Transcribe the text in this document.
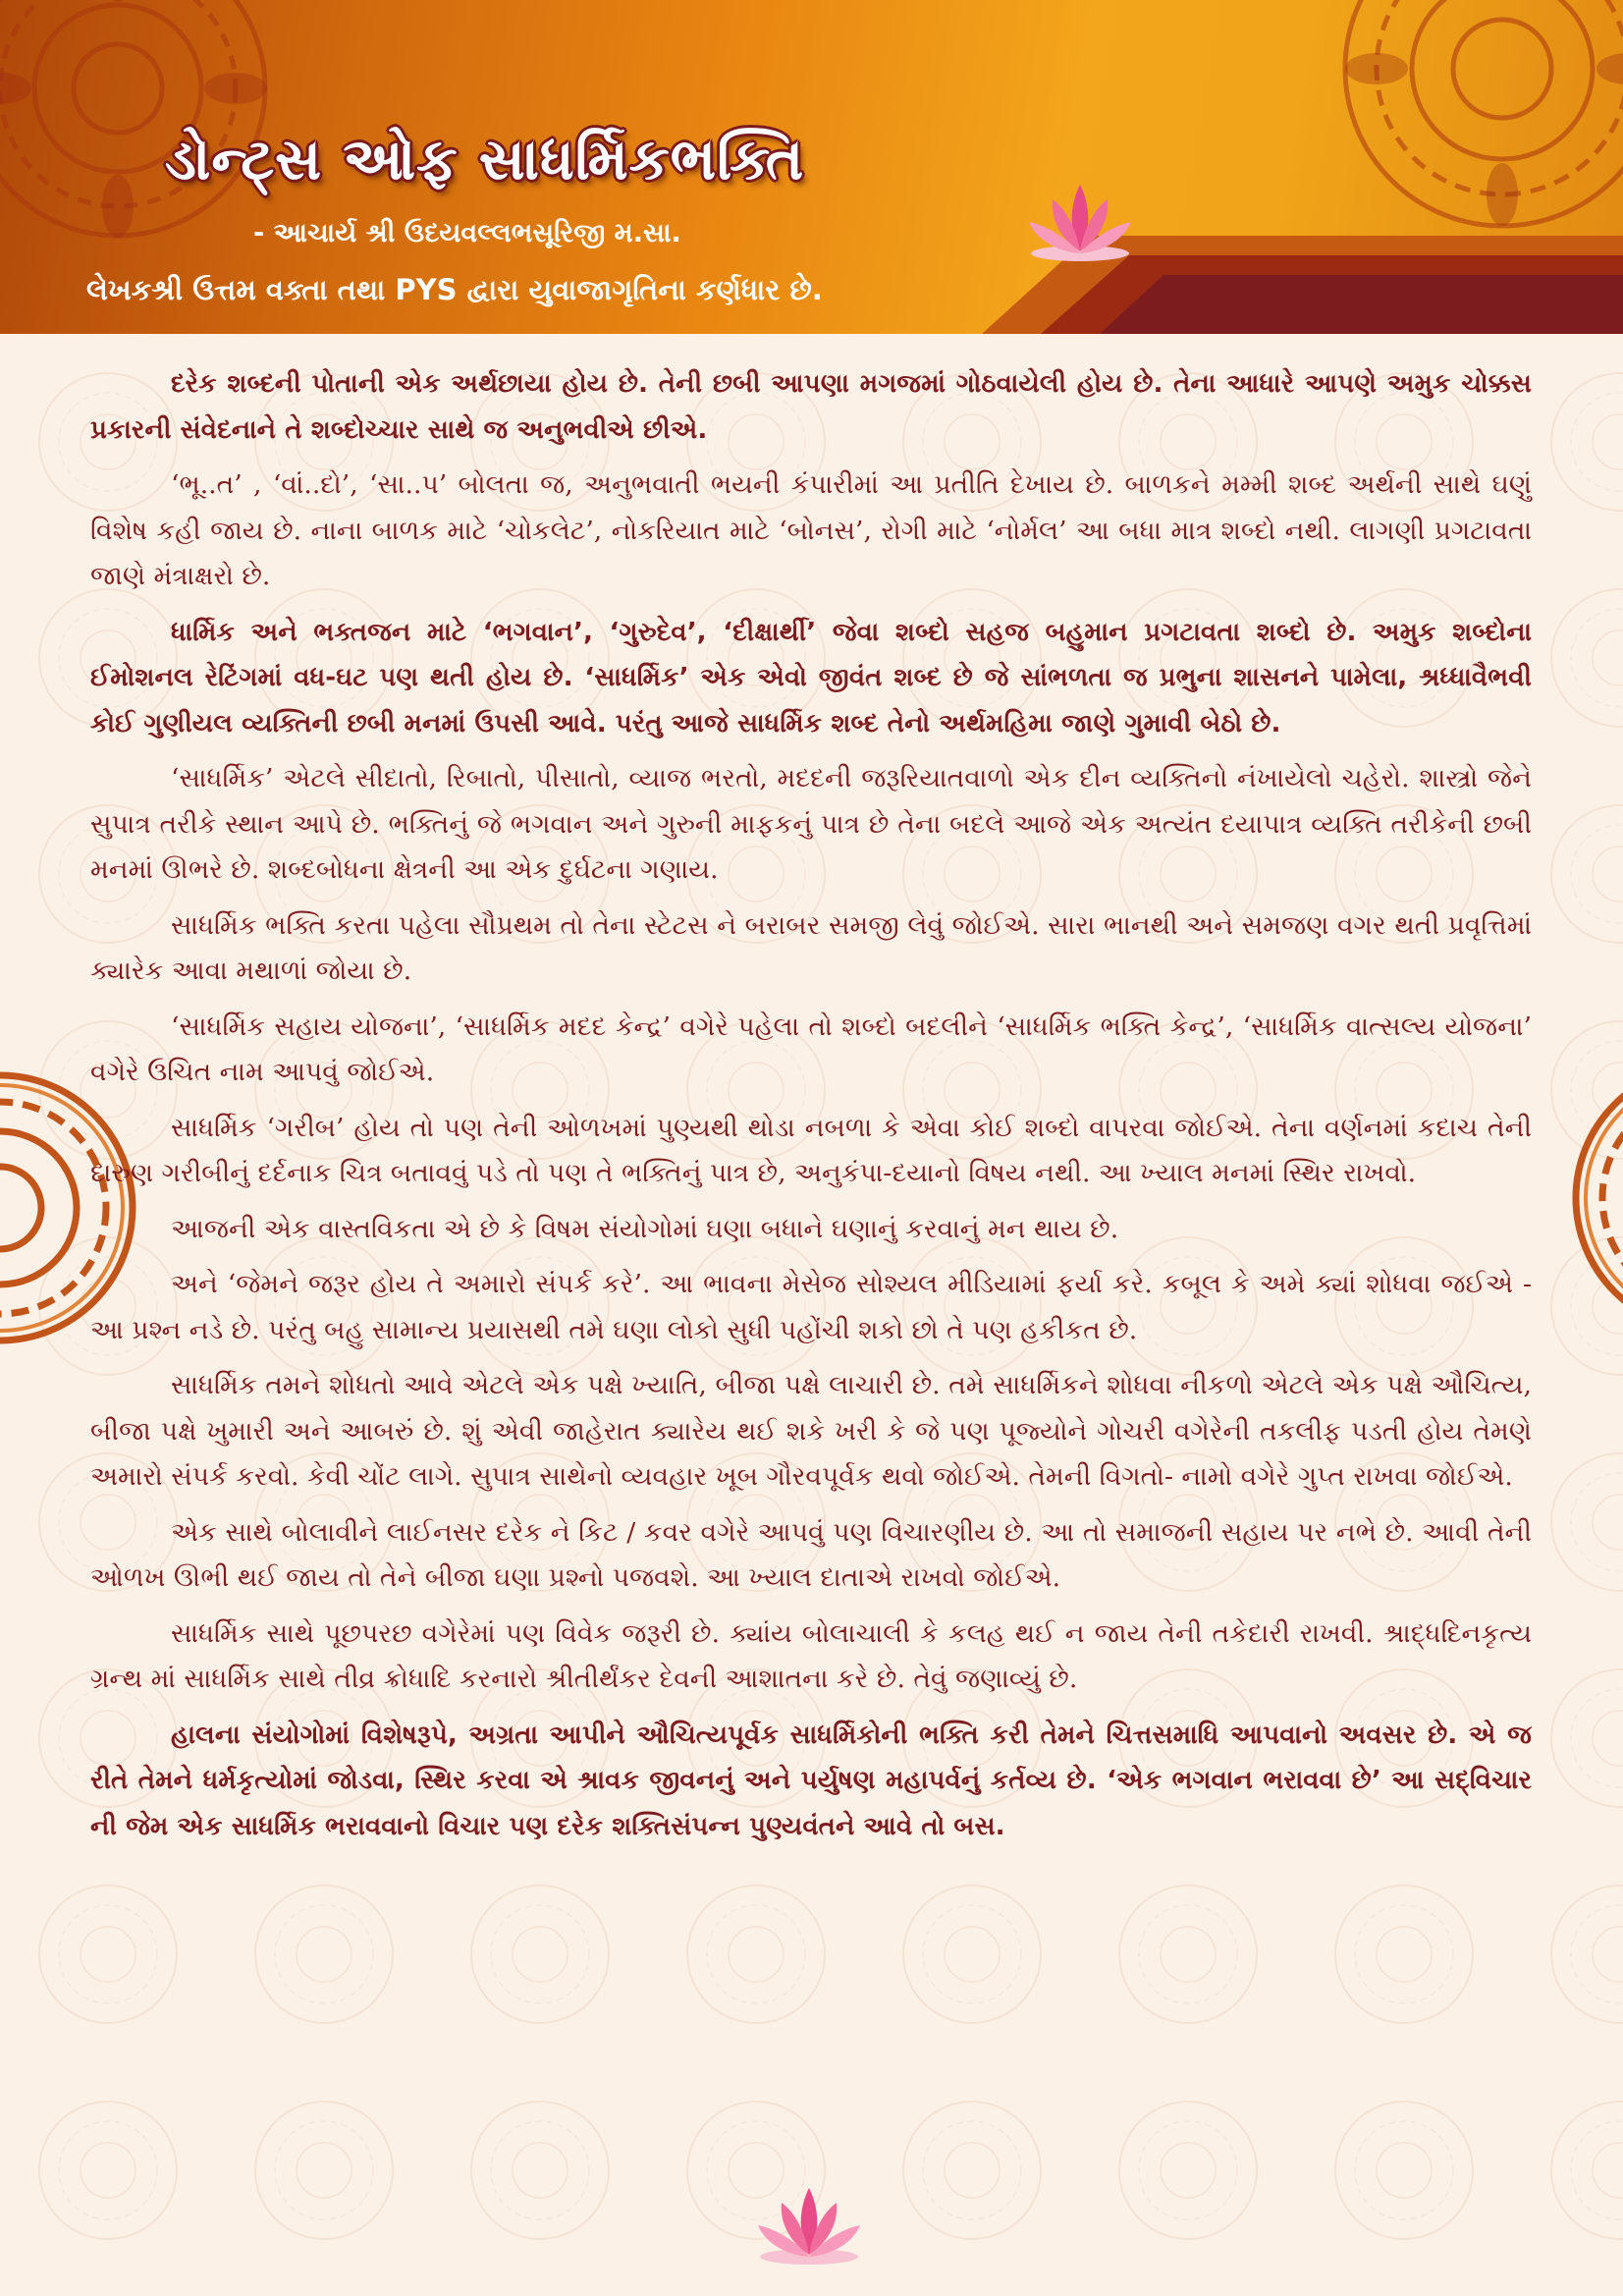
ડોન્ટ્સ ઓફ સાધર્મિકભક્તિ
- આચાર્ય શ્રી ઉદયવલ્લભસૂરિજી મ.સા.
લેખકશ્રી ઉત્તમ વક્તા તથા PYS દ્વારા યુવાજાગૃતિના કર્ણધાર છે.

દરેક શબ્દની પોતાની એક અર્થછાયા હોય છે. તેની છબી આપણા મગજમાં ગોઠવાયેલી હોય છે. તેના આધારે આપણે અમુક ચોક્કસ પ્રકારની સંવેદનાને તે શબ્દોચ્ચાર સાથે જ અનુભવીએ છીએ.

‘ભૂ..ત’ , ‘વાં..દો’, ‘સા..પ’ બોલતા જ, અનુભવાતી ભયની કંપારીમાં આ પ્રતીતિ દેખાય છે. બાળકને મમ્મી શબ્દ અર્થની સાથે ઘણું વિશેષ કહી જાય છે. નાના બાળક માટે ‘ચોકલેટ’, નોકરિયાત માટે ‘બોનસ’, રોગી માટે ‘નોર્મલ’ આ બધા માત્ર શબ્દો નથી. લાગણી પ્રગટાવતા જાણે મંત્રાક્ષરો છે.

ધાર્મિક અને ભક્તજન માટે ‘ભગવાન’, ‘ગુરુદેવ’, ‘દીક્ષાર્થી’ જેવા શબ્દો સહજ બહુમાન પ્રગટાવતા શબ્દો છે. અમુક શબ્દોના ઈમોશનલ રેટિંગમાં વધ-ઘટ પણ થતી હોય છે. ‘સાધર્મિક’ એક એવો જીવંત શબ્દ છે જે સાંભળતા જ પ્રભુના શાસનને પામેલા, શ્રધ્ધાવૈભવી કોઈ ગુણીયલ વ્યક્તિની છબી મનમાં ઉપસી આવે. પરંતુ આજે સાધર્મિક શબ્દ તેનો અર્થમહિમા જાણે ગુમાવી બેઠો છે.

‘સાધર્મિક’ એટલે સીદાતો, રિબાતો, પીસાતો, વ્યાજ ભરતો, મદદની જરૂરિયાતવાળો એક દીન વ્યક્તિનો નંખાયેલો ચહેરો. શાસ્ત્રો જેને સુપાત્ર તરીકે સ્થાન આપે છે. ભક્તિનું જે ભગવાન અને ગુરુની માફકનું પાત્ર છે તેના બદલે આજે એક અત્યંત દયાપાત્ર વ્યક્તિ તરીકેની છબી મનમાં ઊભરે છે. શબ્દબોધના ક્ષેત્રની આ એક દુર્ઘટના ગણાય.

સાધર્મિક ભક્તિ કરતા પહેલા સૌપ્રથમ તો તેના સ્ટેટસ ને બરાબર સમજી લેવું જોઈએ. સારા ભાનથી અને સમજણ વગર થતી પ્રવૃત્તિમાં ક્યારેક આવા મથાળાં જોયા છે.

‘સાધર્મિક સહાય યોજના’, ‘સાધર્મિક મદદ કેન્દ્ર’ વગેરે પહેલા તો શબ્દો બદલીને ‘સાધર્મિક ભક્તિ કેન્દ્ર’, ‘સાધર્મિક વાત્સલ્ય યોજના’ વગેરે ઉચિત નામ આપવું જોઈએ.

સાધર્મિક ‘ગરીબ’ હોય તો પણ તેની ઓળખમાં પુણ્યથી થોડા નબળા કે એવા કોઈ શબ્દો વાપરવા જોઈએ. તેના વર્ણનમાં કદાચ તેની દારુણ ગરીબીનું દર્દનાક ચિત્ર બતાવવું પડે તો પણ તે ભક્તિનું પાત્ર છે, અનુકંપા-દયાનો વિષય નથી. આ ખ્યાલ મનમાં સ્થિર રાખવો.

આજની એક વાસ્તવિકતા એ છે કે વિષમ સંયોગોમાં ઘણા બધાને ઘણાનું કરવાનું મન થાય છે.

અને ‘જેમને જરૂર હોય તે અમારો સંપર્ક કરે’. આ ભાવના મેસેજ સોશ્યલ મીડિયામાં ફર્યા કરે. કબૂલ કે અમે ક્યાં શોધવા જઈએ - આ પ્રશ્ન નડે છે. પરંતુ બહુ સામાન્ય પ્રયાસથી તમે ઘણા લોકો સુધી પહોંચી શકો છો તે પણ હકીકત છે.

સાધર્મિક તમને શોધતો આવે એટલે એક પક્ષે ખ્યાતિ, બીજા પક્ષે લાચારી છે. તમે સાધર્મિકને શોધવા નીકળો એટલે એક પક્ષે ઔચિત્ય, બીજા પક્ષે ખુમારી અને આબરું છે. શું એવી જાહેરાત ક્યારેય થઈ શકે ખરી કે જે પણ પૂજ્યોને ગોચરી વગેરેની તકલીફ પડતી હોય તેમણે અમારો સંપર્ક કરવો. કેવી ચોંટ લાગે. સુપાત્ર સાથેનો વ્યવહાર ખૂબ ગૌરવપૂર્વક થવો જોઈએ. તેમની વિગતો- નામો વગેરે ગુપ્ત રાખવા જોઈએ.

એક સાથે બોલાવીને લાઈનસર દરેક ને કિટ / કવર વગેરે આપવું પણ વિચારણીય છે. આ તો સમાજની સહાય પર નભે છે. આવી તેની ઓળખ ઊભી થઈ જાય તો તેને બીજા ઘણા પ્રશ્નો પજવશે. આ ખ્યાલ દાતાએ રાખવો જોઈએ.

સાધર્મિક સાથે પૂછપરછ વગેરેમાં પણ વિવેક જરૂરી છે. ક્યાંય બોલાચાલી કે કલહ થઈ ન જાય તેની તકેદારી રાખવી. શ્રાદ્ધદિનકૃત્ય ગ્રન્થ માં સાધર્મિક સાથે તીવ્ર ક્રોધાદિ કરનારો શ્રીતીર્થંકર દેવની આશાતના કરે છે. તેવું જણાવ્યું છે.

હાલના સંયોગોમાં વિશેષરૂપે, અગ્રતા આપીને ઔચિત્યપૂર્વક સાધર્મિકોની ભક્તિ કરી તેમને ચિત્તસમાધિ આપવાનો અવસર છે. એ જ રીતે તેમને ધર્મકૃત્યોમાં જોડવા, સ્થિર કરવા એ શ્રાવક જીવનનું અને પર્યુષણ મહાપર્વનું કર્તવ્ય છે. ‘એક ભગવાન ભરાવવા છે’ આ સદ્‌વિચાર ની જેમ એક સાધર્મિક ભરાવવાનો વિચાર પણ દરેક શક્તિસંપન્ન પુણ્યવંતને આવે તો બસ.
